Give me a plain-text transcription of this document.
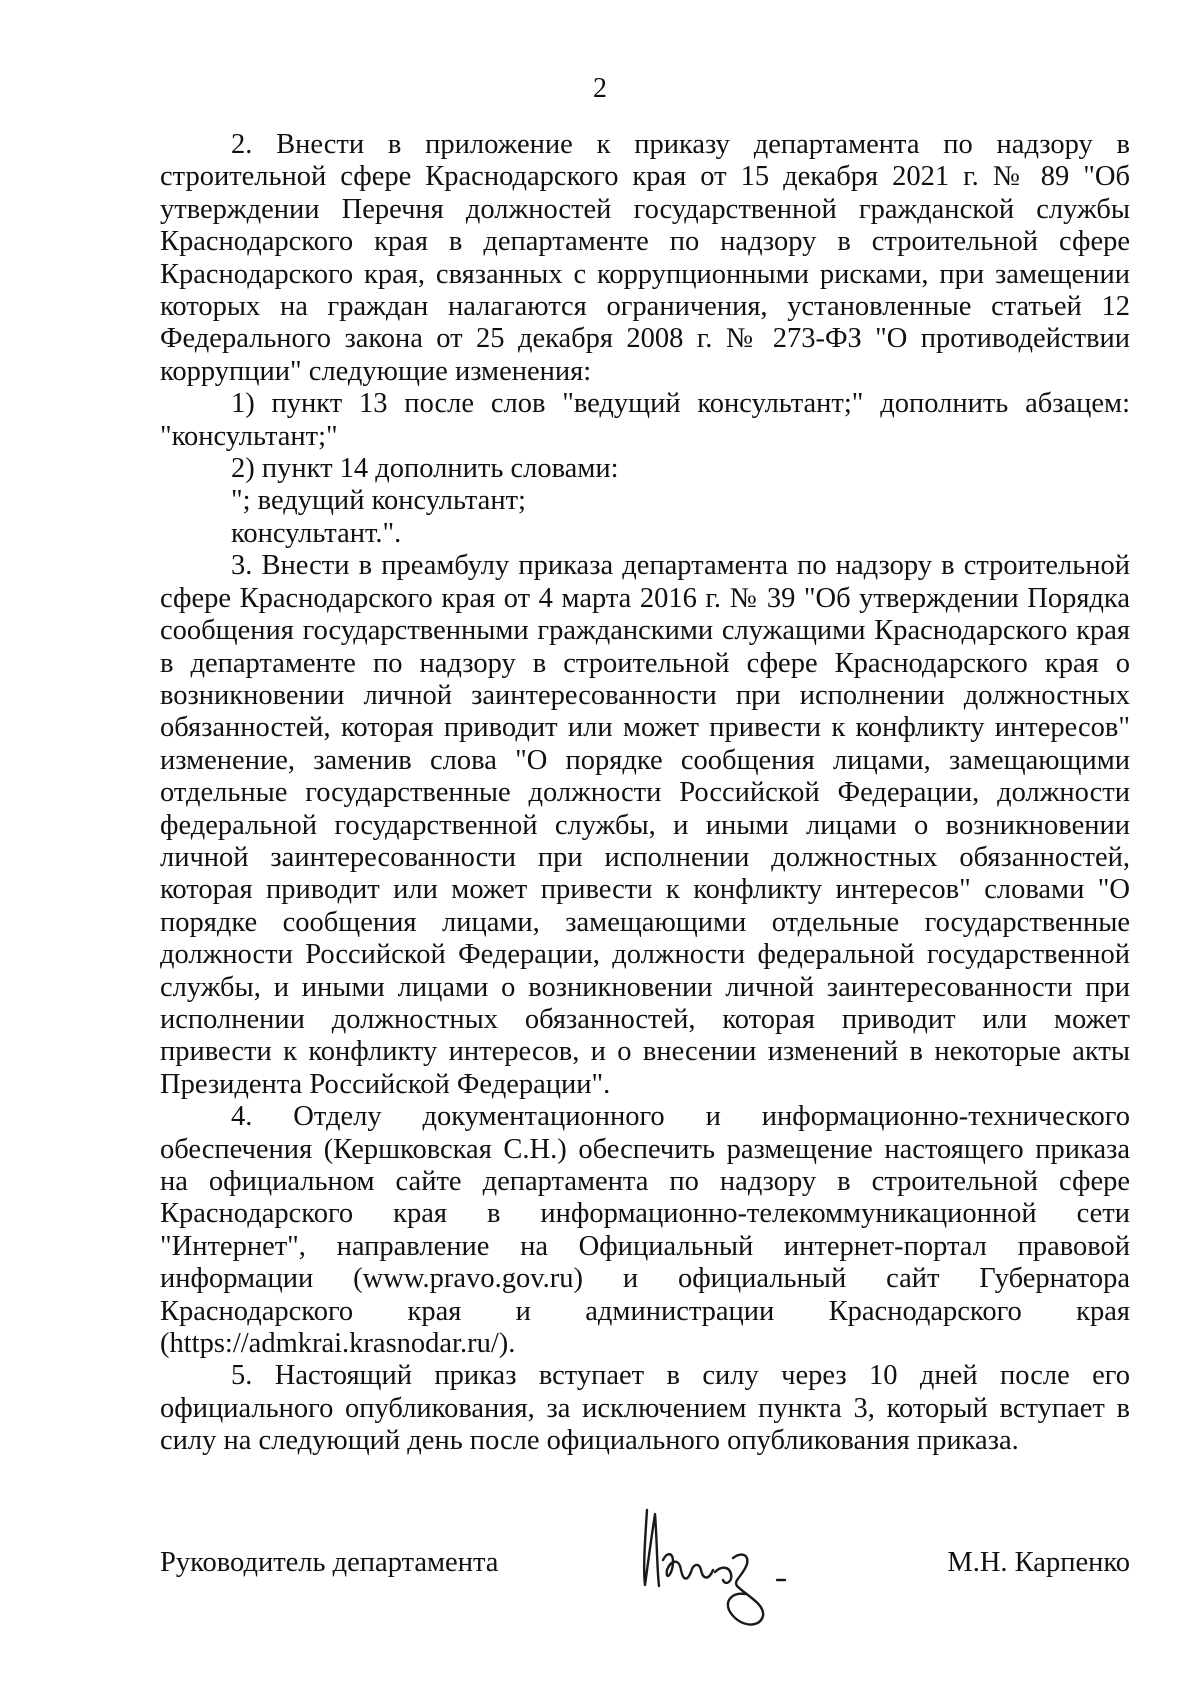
2

2. Внести в приложение к приказу департамента по надзору в строительной сфере Краснодарского края от 15 декабря 2021 г. № 89 "Об утверждении Перечня должностей государственной гражданской службы Краснодарского края в департаменте по надзору в строительной сфере Краснодарского края, связанных с коррупционными рисками, при замещении которых на граждан налагаются ограничения, установленные статьей 12 Федерального закона от 25 декабря 2008 г. № 273-ФЗ "О противодействии коррупции" следующие изменения:

1) пункт 13 после слов "ведущий консультант;" дополнить абзацем: "консультант;"

2) пункт 14 дополнить словами:

"; ведущий консультант;

консультант.".

3. Внести в преамбулу приказа департамента по надзору в строительной сфере Краснодарского края от 4 марта 2016 г. № 39 "Об утверждении Порядка сообщения государственными гражданскими служащими Краснодарского края в департаменте по надзору в строительной сфере Краснодарского края о возникновении личной заинтересованности при исполнении должностных обязанностей, которая приводит или может привести к конфликту интересов" изменение, заменив слова "О порядке сообщения лицами, замещающими отдельные государственные должности Российской Федерации, должности федеральной государственной службы, и иными лицами о возникновении личной заинтересованности при исполнении должностных обязанностей, которая приводит или может привести к конфликту интересов" словами "О порядке сообщения лицами, замещающими отдельные государственные должности Российской Федерации, должности федеральной государственной службы, и иными лицами о возникновении личной заинтересованности при исполнении должностных обязанностей, которая приводит или может привести к конфликту интересов, и о внесении изменений в некоторые акты Президента Российской Федерации".

4. Отделу документационного и информационно-технического обеспечения (Кершковская С.Н.) обеспечить размещение настоящего приказа на официальном сайте департамента по надзору в строительной сфере Краснодарского края в информационно-телекоммуникационной сети "Интернет", направление на Официальный интернет-портал правовой информации (www.pravo.gov.ru) и официальный сайт Губернатора Краснодарского края и администрации Краснодарского края (https://admkrai.krasnodar.ru/).

5. Настоящий приказ вступает в силу через 10 дней после его официального опубликования, за исключением пункта 3, который вступает в силу на следующий день после официального опубликования приказа.

Руководитель департамента	М.Н. Карпенко
